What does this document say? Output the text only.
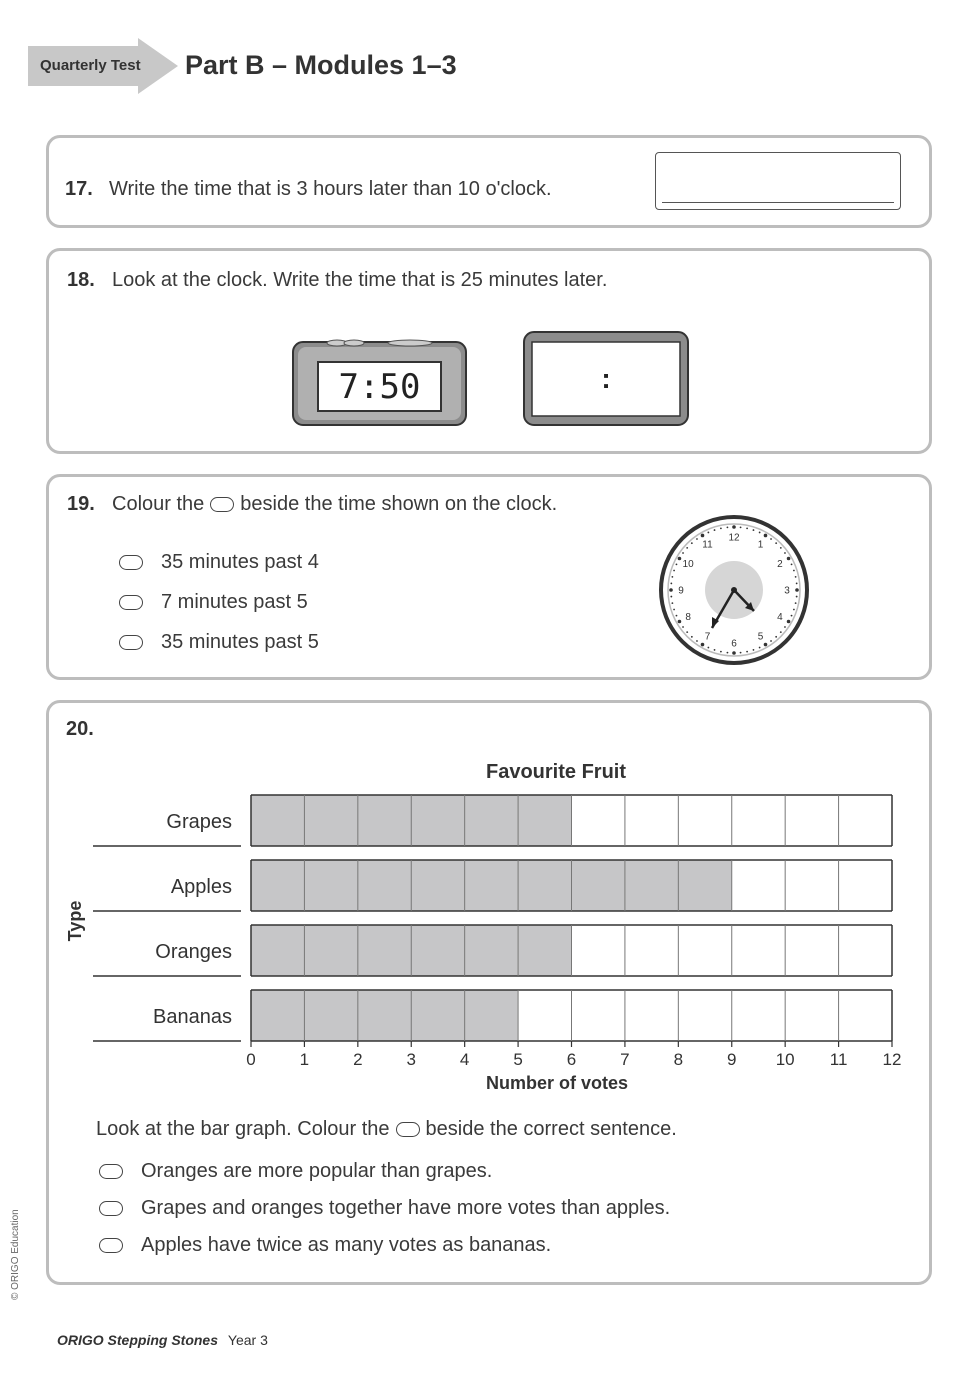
Quarterly Test Part B – Modules 1–3
17. Write the time that is 3 hours later than 10 o'clock.
18. Look at the clock. Write the time that is 25 minutes later.
7:50	:
19. Colour the beside the time shown on the clock.
35 minutes past 4
7 minutes past 5
35 minutes past 5
12
1
2
3
4
5
6
7
8
9
10
11
20.
Favourite Fruit
Grapes
Apples
Oranges
Bananas
0	1	2	3	4	5	6	7	8	9 10 11 12
Number of votes
Type
Look at the bar graph. Colour the beside the correct sentence.
Oranges are more popular than grapes.
Grapes and oranges together have more votes than apples.
Apples have twice as many votes as bananas.
ORIGO Stepping Stones Year 3
© ORIGO Education
